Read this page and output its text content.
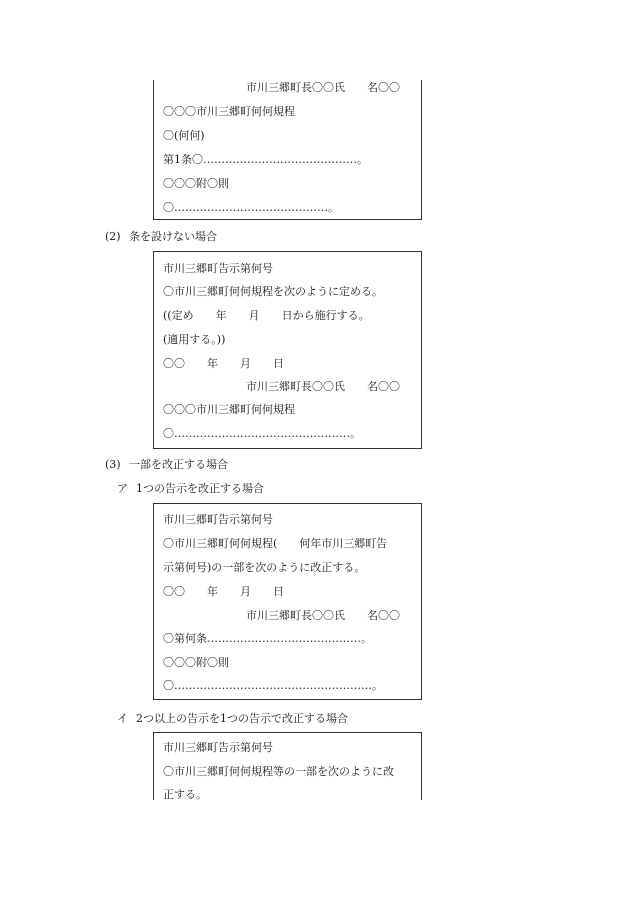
市川三郷町長〇〇氏　　名〇〇
〇〇〇市川三郷町何何規程
〇(何何)
第1条〇……………………………………。
〇〇〇附〇則
〇……………………………………。
(2) 条を設けない場合
市川三郷町告示第何号
〇市川三郷町何何規程を次のように定める。
((定め　　年　　月　　日から施行する。
(適用する。))
〇〇　　年　　月　　日
市川三郷町長〇〇氏　　名〇〇
〇〇〇市川三郷町何何規程
〇…………………………………………。
(3) 一部を改正する場合
ア 1つの告示を改正する場合
市川三郷町告示第何号
〇市川三郷町何何規程(　　何年市川三郷町告
示第何号)の一部を次のように改正する。
〇〇　　年　　月　　日
市川三郷町長〇〇氏　　名〇〇
〇第何条……………………………………。
〇〇〇附〇則
〇………………………………………………。
イ 2つ以上の告示を1つの告示で改正する場合
市川三郷町告示第何号
〇市川三郷町何何規程等の一部を次のように改
正する。
